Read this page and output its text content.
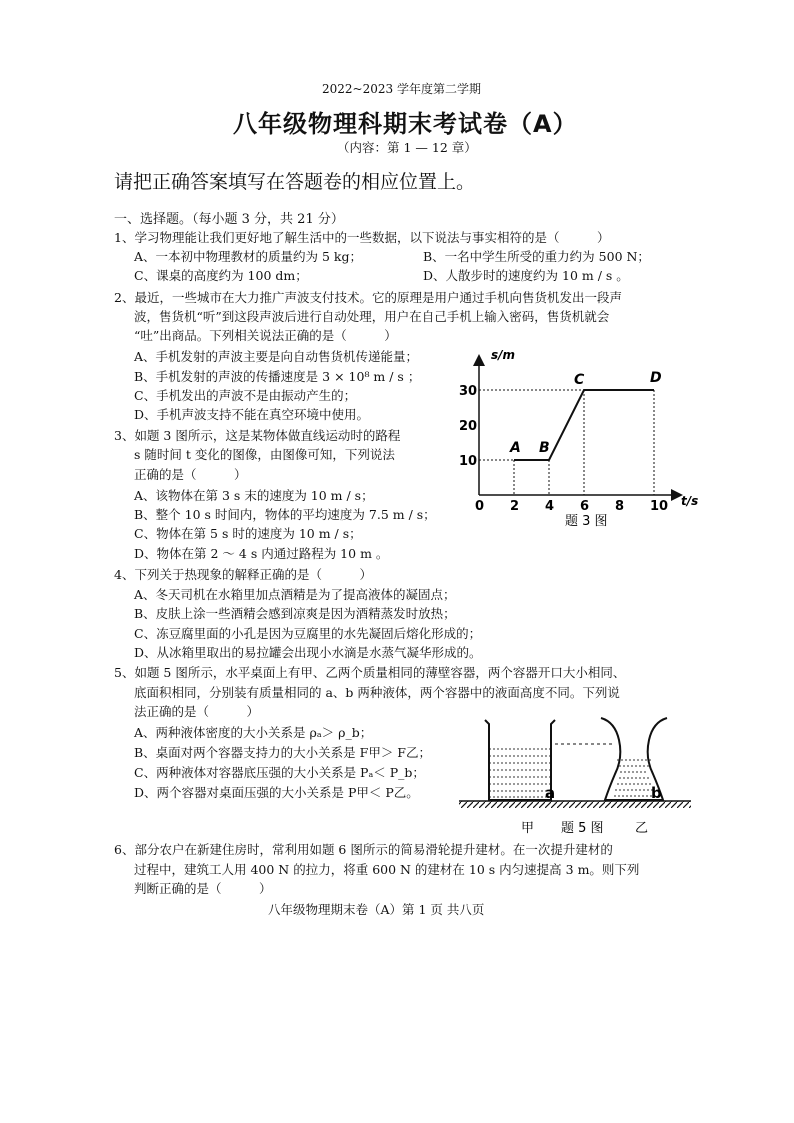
2022~2023 学年度第二学期
八年级物理科期末考试卷（A）
（内容：第 1 — 12 章）
请把正确答案填写在答题卷的相应位置上。
一、选择题。（每小题 3 分，共 21 分）
1、学习物理能让我们更好地了解生活中的一些数据，以下说法与事实相符的是（　　　）
A、一本初中物理教材的质量约为 5 kg；	B、一名中学生所受的重力约为 500 N；
C、课桌的高度约为 100 dm；	D、人散步时的速度约为 10 m / s 。
2、最近，一些城市在大力推广声波支付技术。它的原理是用户通过手机向售货机发出一段声
波，售货机“听”到这段声波后进行自动处理，用户在自己手机上输入密码，售货机就会
“吐”出商品。下列相关说法正确的是（　　　）
A、手机发射的声波主要是向自动售货机传递能量；
B、手机发射的声波的传播速度是 3 × 10⁸ m / s ；
C、手机发出的声波不是由振动产生的；
D、手机声波支持不能在真空环境中使用。
3、如题 3 图所示，这是某物体做直线运动时的路程
s 随时间 t 变化的图像，由图像可知，下列说法
正确的是（　　　）
A、该物体在第 3 s 末的速度为 10 m / s；
B、整个 10 s 时间内，物体的平均速度为 7.5 m / s；
C、物体在第 5 s 时的速度为 10 m / s；
D、物体在第 2 ～ 4 s 内通过路程为 10 m 。
s/m
t/s
0 2 4 6 8 10
10
20
30
A B
C	D
题 3 图
4、下列关于热现象的解释正确的是（　　　）
A、冬天司机在水箱里加点酒精是为了提高液体的凝固点；
B、皮肤上涂一些酒精会感到凉爽是因为酒精蒸发时放热；
C、冻豆腐里面的小孔是因为豆腐里的水先凝固后熔化形成的；
D、从冰箱里取出的易拉罐会出现小水滴是水蒸气凝华形成的。
5、如题 5 图所示，水平桌面上有甲、乙两个质量相同的薄壁容器，两个容器开口大小相同、
底面积相同，分别装有质量相同的 a、b 两种液体，两个容器中的液面高度不同。下列说
法正确的是（　　　）
A、两种液体密度的大小关系是 ρₐ＞ ρ_b；
B、桌面对两个容器支持力的大小关系是 F甲＞ F乙；
C、两种液体对容器底压强的大小关系是 Pₐ＜ P_b；
D、两个容器对桌面压强的大小关系是 P甲＜ P乙。	a	b
甲 题 5 图 乙
6、部分农户在新建住房时，常利用如题 6 图所示的简易滑轮提升建材。在一次提升建材的
过程中，建筑工人用 400 N 的拉力，将重 600 N 的建材在 10 s 内匀速提高 3 m。则下列
判断正确的是（　　　）
八年级物理期末卷（A）第 1 页 共八页
